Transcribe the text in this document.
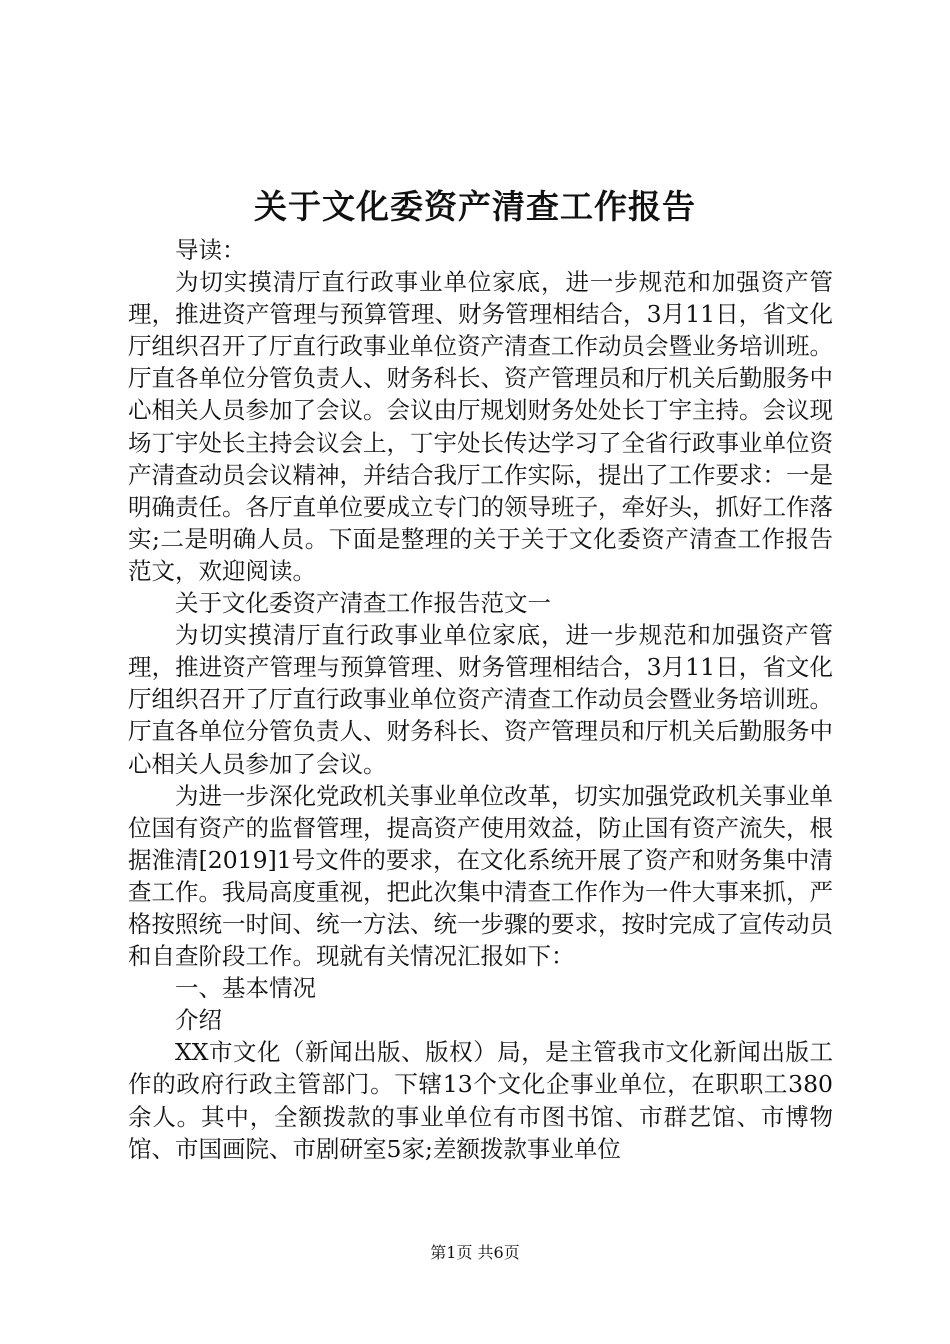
关于文化委资产清查工作报告

导读：

为切实摸清厅直行政事业单位家底，进一步规范和加强资产管理，推进资产管理与预算管理、财务管理相结合，3月11日，省文化厅组织召开了厅直行政事业单位资产清查工作动员会暨业务培训班。厅直各单位分管负责人、财务科长、资产管理员和厅机关后勤服务中心相关人员参加了会议。会议由厅规划财务处处长丁宇主持。会议现场丁宇处长主持会议会上，丁宇处长传达学习了全省行政事业单位资产清查动员会议精神，并结合我厅工作实际，提出了工作要求：一是明确责任。各厅直单位要成立专门的领导班子，牵好头，抓好工作落实;二是明确人员。下面是整理的关于关于文化委资产清查工作报告范文，欢迎阅读。

关于文化委资产清查工作报告范文一

为切实摸清厅直行政事业单位家底，进一步规范和加强资产管理，推进资产管理与预算管理、财务管理相结合，3月11日，省文化厅组织召开了厅直行政事业单位资产清查工作动员会暨业务培训班。厅直各单位分管负责人、财务科长、资产管理员和厅机关后勤服务中心相关人员参加了会议。

为进一步深化党政机关事业单位改革，切实加强党政机关事业单位国有资产的监督管理，提高资产使用效益，防止国有资产流失，根据淮清[2019]1号文件的要求，在文化系统开展了资产和财务集中清查工作。我局高度重视，把此次集中清查工作作为一件大事来抓，严格按照统一时间、统一方法、统一步骤的要求，按时完成了宣传动员和自查阶段工作。现就有关情况汇报如下：

一、基本情况

介绍

XX市文化（新闻出版、版权）局，是主管我市文化新闻出版工作的政府行政主管部门。下辖13个文化企事业单位，在职职工380余人。其中，全额拨款的事业单位有市图书馆、市群艺馆、市博物馆、市国画院、市剧研室5家;差额拨款事业单位

第1页 共6页
